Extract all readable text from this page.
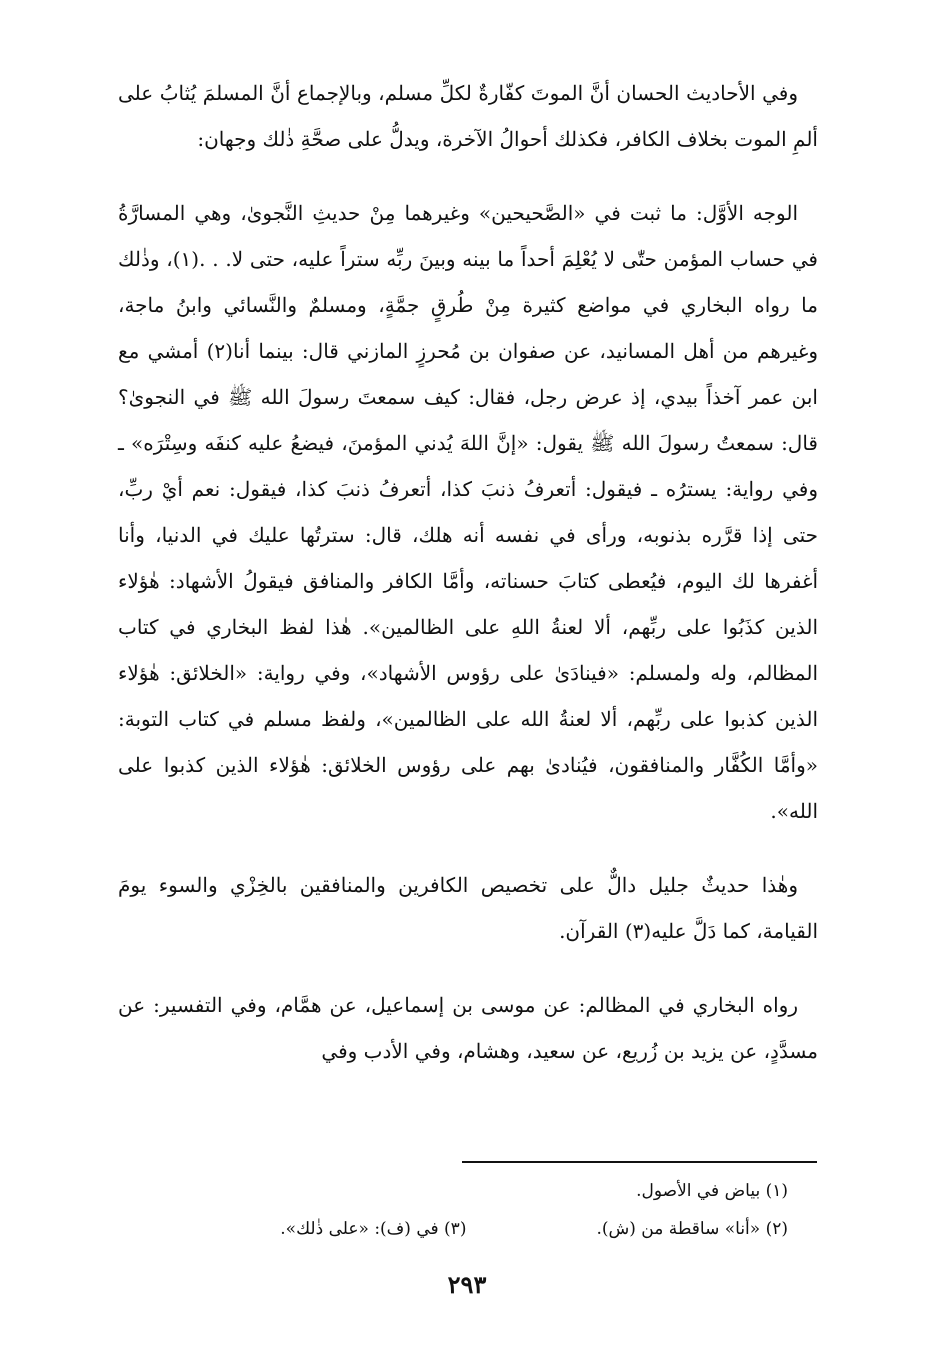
وفي الأحاديث الحسان أنَّ الموتَ كفّارةٌ لكلِّ مسلم، وبالإجماع أنَّ المسلمَ يُثابُ على ألمِ الموت بخلاف الكافر، فكذلك أحوالُ الآخرة، ويدلُّ على صحَّةِ ذٰلك وجهان:

الوجه الأوَّل: ما ثبت في «الصَّحيحين» وغيرهما مِنْ حديثِ النَّجوىٰ، وهي المسارَّةُ في حساب المؤمن حتّٰى لا يُعْلِمَ أحداً ما بينه وبينَ ربِّه ستراً عليه، حتى لا. . .(١)، وذٰلك ما رواه البخاري في مواضع كثيرة مِنْ طُرقٍ جمَّةٍ، ومسلمٌ والنَّسائي وابنُ ماجة، وغيرهم من أهل المسانيد، عن صفوان بن مُحرزٍ المازني قال: بينما أنا(٢) أمشي مع ابن عمر آخذاً بيدي، إذ عرض رجل، فقال: كيف سمعتَ رسولَ الله ﷺ في النجوىٰ؟ قال: سمعتُ رسولَ الله ﷺ يقول: «إنَّ اللهَ يُدني المؤمنَ، فيضعُ عليه كنفَه وسِتْرَه» ـ وفي رواية: يسترُه ـ فيقول: أتعرفُ ذنبَ كذا، أتعرفُ ذنبَ كذا، فيقول: نعم أيْ ربِّ، حتى إذا قرَّره بذنوبه، ورأى في نفسه أنه هلك، قال: سترتُها عليك في الدنيا، وأنا أغفرها لك اليوم، فيُعطى كتابَ حسناته، وأمَّا الكافر والمنافق فيقولُ الأشهاد: هٰؤلاء الذين كذَبُوا على ربِّهم، ألا لعنةُ اللهِ على الظالمين». هٰذا لفظ البخاري في كتاب المظالم، وله ولمسلم: «فينادَىٰ على رؤوس الأشهاد»، وفي رواية: «الخلائق: هٰؤلاء الذين كذبوا على ربِّهم، ألا لعنةُ الله على الظالمين»، ولفظ مسلم في كتاب التوبة: «وأمَّا الكُفَّار والمنافقون، فيُنادىٰ بهم على رؤوس الخلائق: هٰؤلاء الذين كذبوا على الله».

وهٰذا حديثٌ جليل دالٌّ على تخصيص الكافرين والمنافقين بالخِزْي والسوء يومَ القيامة، كما دَلَّ عليه(٣) القرآن.

رواه البخاري في المظالم: عن موسى بن إسماعيل، عن همَّام، وفي التفسير: عن مسدَّدٍ، عن يزيد بن زُريع، عن سعيد، وهشام، وفي الأدب وفي

(١) بياض في الأصول.
(٢) «أنا» ساقطة من (ش).
(٣) في (ف): «على ذٰلك».
٢٩٣
